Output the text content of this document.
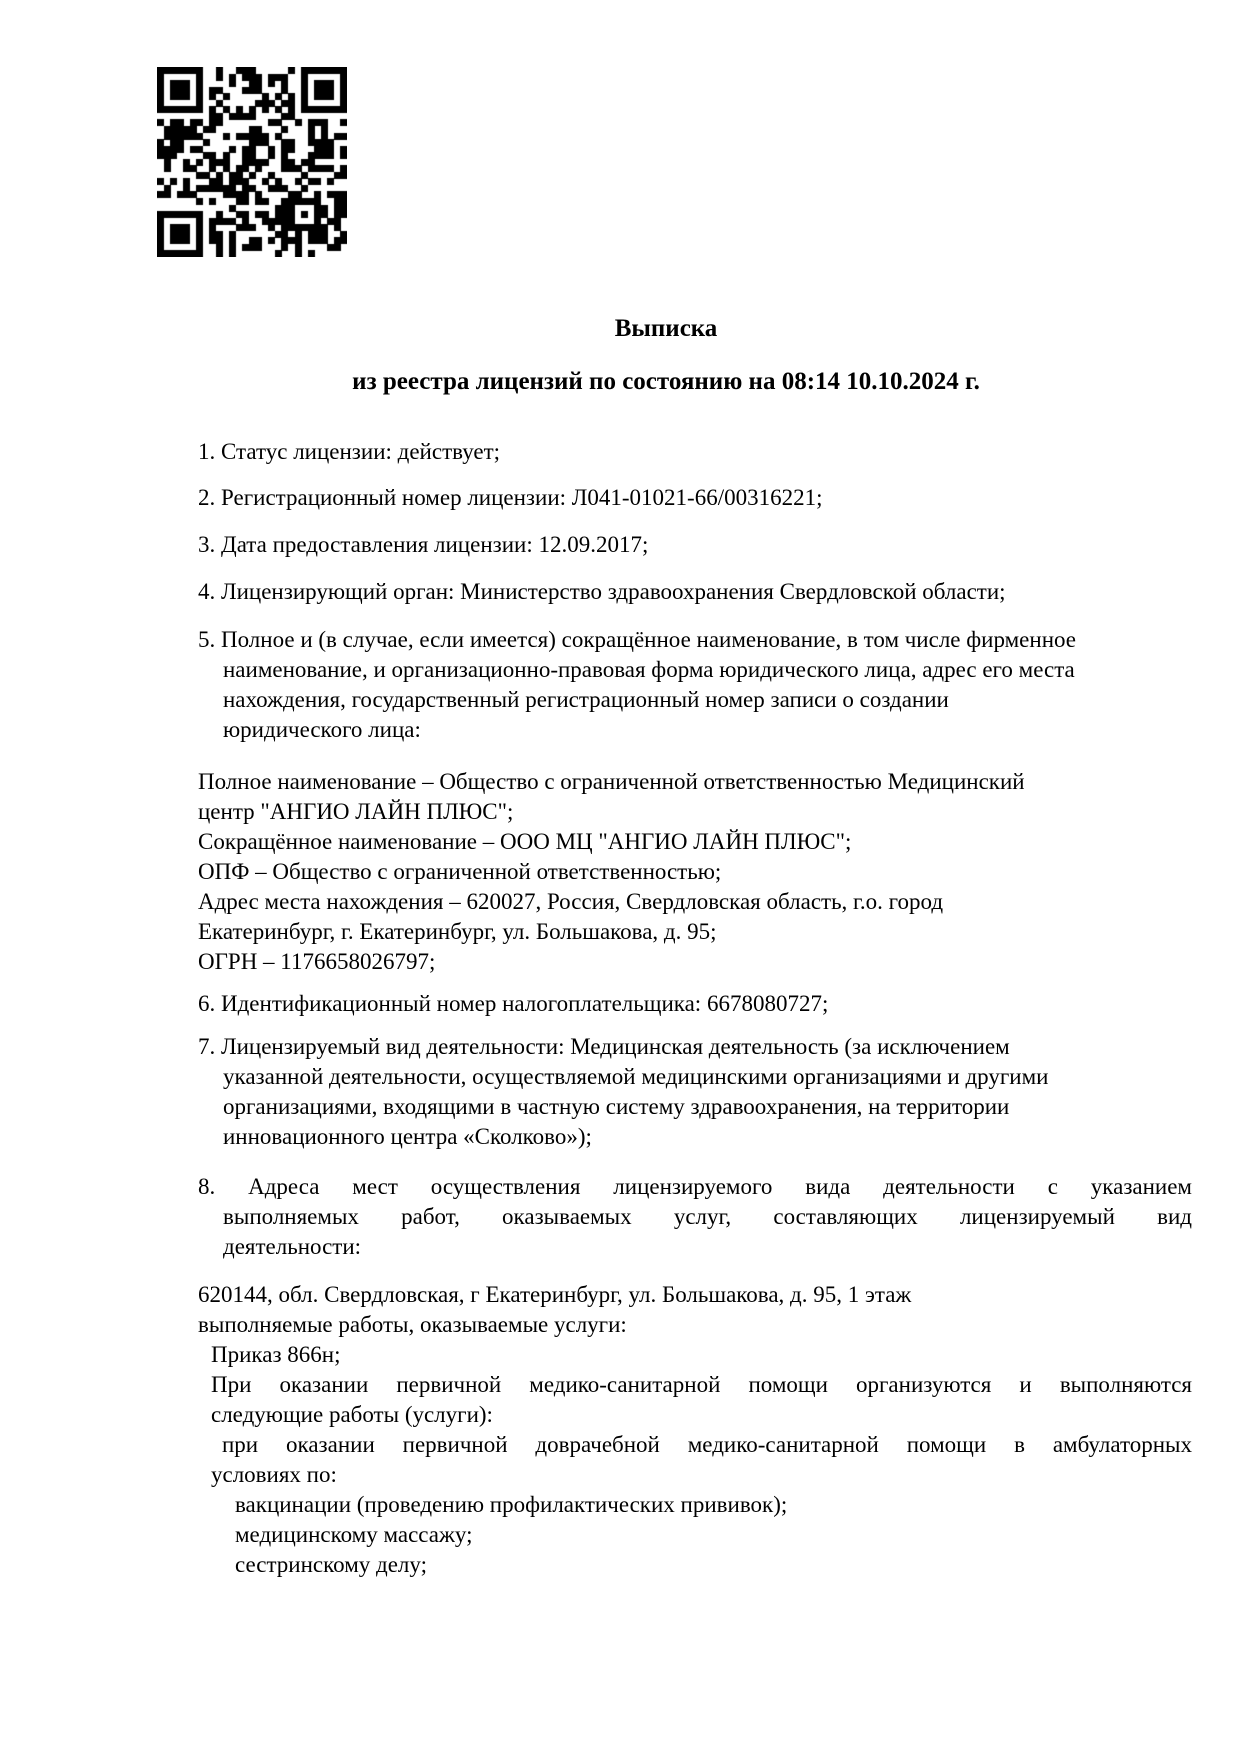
Выписка
из реестра лицензий по состоянию на 08:14 10.10.2024 г.
1. Статус лицензии: действует;
2. Регистрационный номер лицензии: Л041-01021-66/00316221;
3. Дата предоставления лицензии: 12.09.2017;
4. Лицензирующий орган: Министерство здравоохранения Свердловской области;
5. Полное и (в случае, если имеется) сокращённое наименование, в том числе фирменное
наименование, и организационно-правовая форма юридического лица, адрес его места
нахождения, государственный регистрационный номер записи о создании
юридического лица:
Полное наименование – Общество с ограниченной ответственностью Медицинский
центр "АНГИО ЛАЙН ПЛЮС";
Сокращённое наименование – ООО МЦ "АНГИО ЛАЙН ПЛЮС";
ОПФ – Общество с ограниченной ответственностью;
Адрес места нахождения – 620027, Россия, Свердловская область, г.о. город
Екатеринбург, г. Екатеринбург, ул. Большакова, д. 95;
ОГРН – 1176658026797;
6. Идентификационный номер налогоплательщика: 6678080727;
7. Лицензируемый вид деятельности: Медицинская деятельность (за исключением
указанной деятельности, осуществляемой медицинскими организациями и другими
организациями, входящими в частную систему здравоохранения, на территории
инновационного центра «Сколково»);
8. Адреса мест осуществления лицензируемого вида деятельности с указанием
выполняемых работ, оказываемых услуг, составляющих лицензируемый вид
деятельности:
620144, обл. Свердловская, г Екатеринбург, ул. Большакова, д. 95, 1 этаж
выполняемые работы, оказываемые услуги:
Приказ 866н;
При оказании первичной медико-санитарной помощи организуются и выполняются
следующие работы (услуги):
при оказании первичной доврачебной медико-санитарной помощи в амбулаторных
условиях по:
вакцинации (проведению профилактических прививок);
медицинскому массажу;
сестринскому делу;
